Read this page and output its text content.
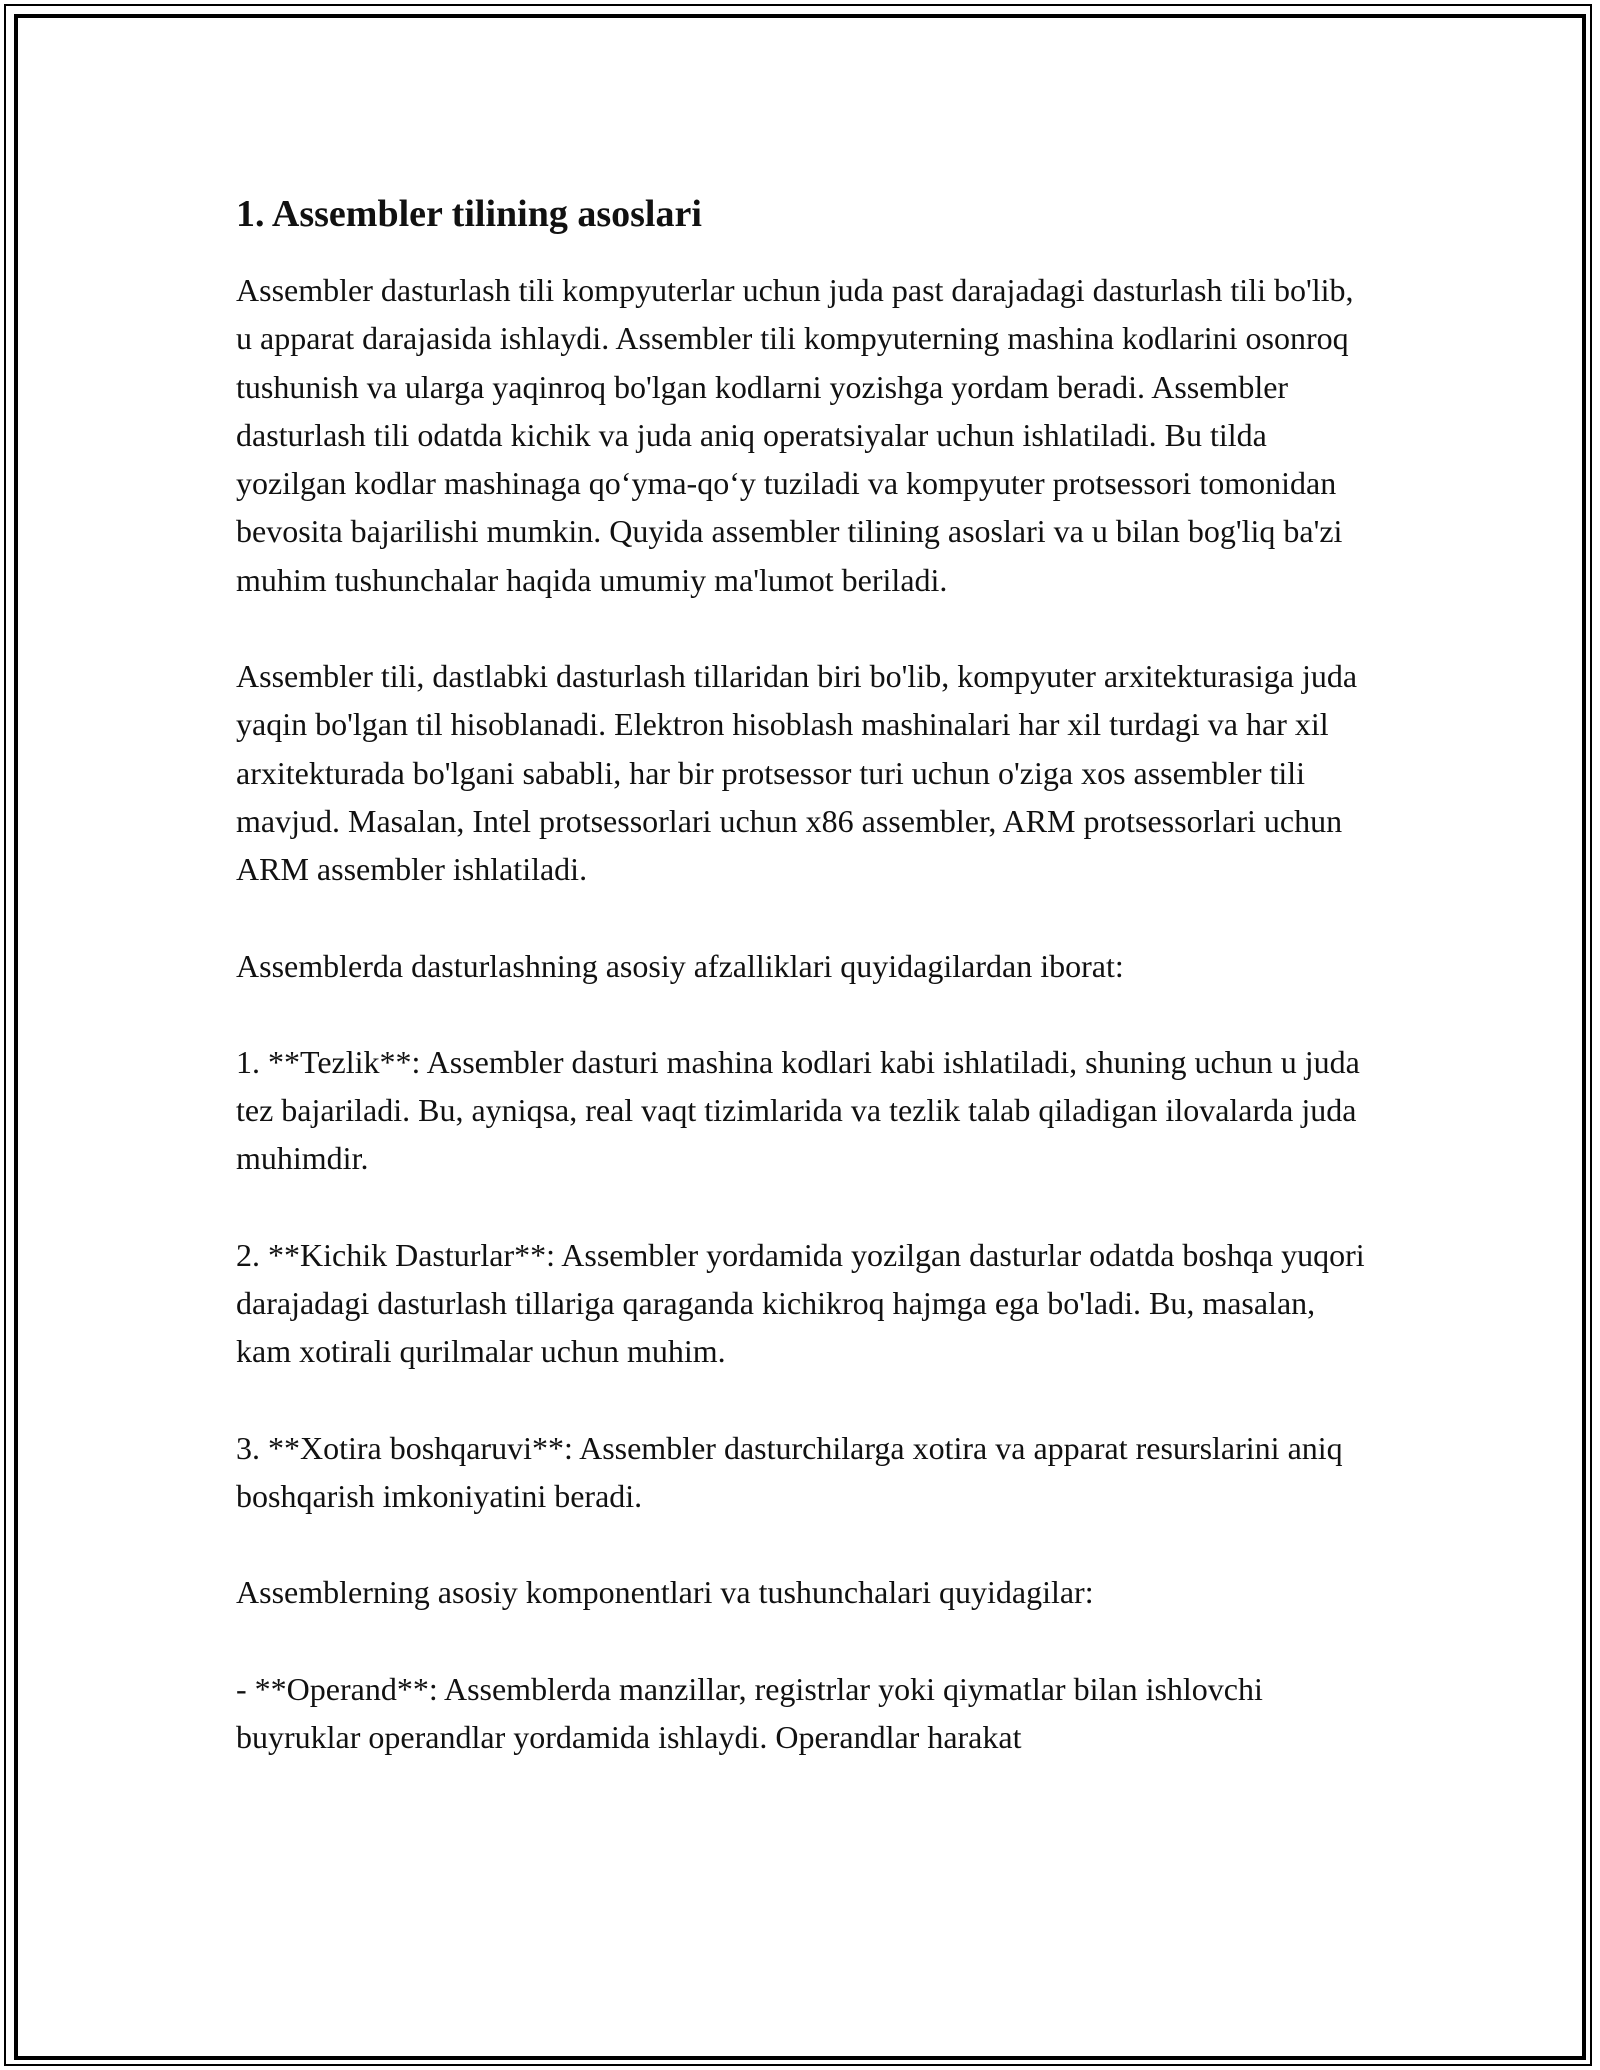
1. Assembler tilining asoslari

Assembler dasturlash tili kompyuterlar uchun juda past darajadagi dasturlash tili bo'lib, u apparat darajasida ishlaydi. Assembler tili kompyuterning mashina kodlarini osonroq tushunish va ularga yaqinroq bo'lgan kodlarni yozishga yordam beradi. Assembler dasturlash tili odatda kichik va juda aniq operatsiyalar uchun ishlatiladi. Bu tilda yozilgan kodlar mashinaga qo‘yma-qo‘y tuziladi va kompyuter protsessori tomonidan bevosita bajarilishi mumkin. Quyida assembler tilining asoslari va u bilan bog'liq ba'zi muhim tushunchalar haqida umumiy ma'lumot beriladi.

Assembler tili, dastlabki dasturlash tillaridan biri bo'lib, kompyuter arxitekturasiga juda yaqin bo'lgan til hisoblanadi. Elektron hisoblash mashinalari har xil turdagi va har xil arxitekturada bo'lgani sababli, har bir protsessor turi uchun o'ziga xos assembler tili mavjud. Masalan, Intel protsessorlari uchun x86 assembler, ARM protsessorlari uchun ARM assembler ishlatiladi.

Assemblerda dasturlashning asosiy afzalliklari quyidagilardan iborat:

1. **Tezlik**: Assembler dasturi mashina kodlari kabi ishlatiladi, shuning uchun u juda tez bajariladi. Bu, ayniqsa, real vaqt tizimlarida va tezlik talab qiladigan ilovalarda juda muhimdir.

2. **Kichik Dasturlar**: Assembler yordamida yozilgan dasturlar odatda boshqa yuqori darajadagi dasturlash tillariga qaraganda kichikroq hajmga ega bo'ladi. Bu, masalan, kam xotirali qurilmalar uchun muhim.

3. **Xotira boshqaruvi**: Assembler dasturchilarga xotira va apparat resurslarini aniq boshqarish imkoniyatini beradi.

Assemblerning asosiy komponentlari va tushunchalari quyidagilar:

- **Operand**: Assemblerda manzillar, registrlar yoki qiymatlar bilan ishlovchi buyruklar operandlar yordamida ishlaydi. Operandlar harakat
